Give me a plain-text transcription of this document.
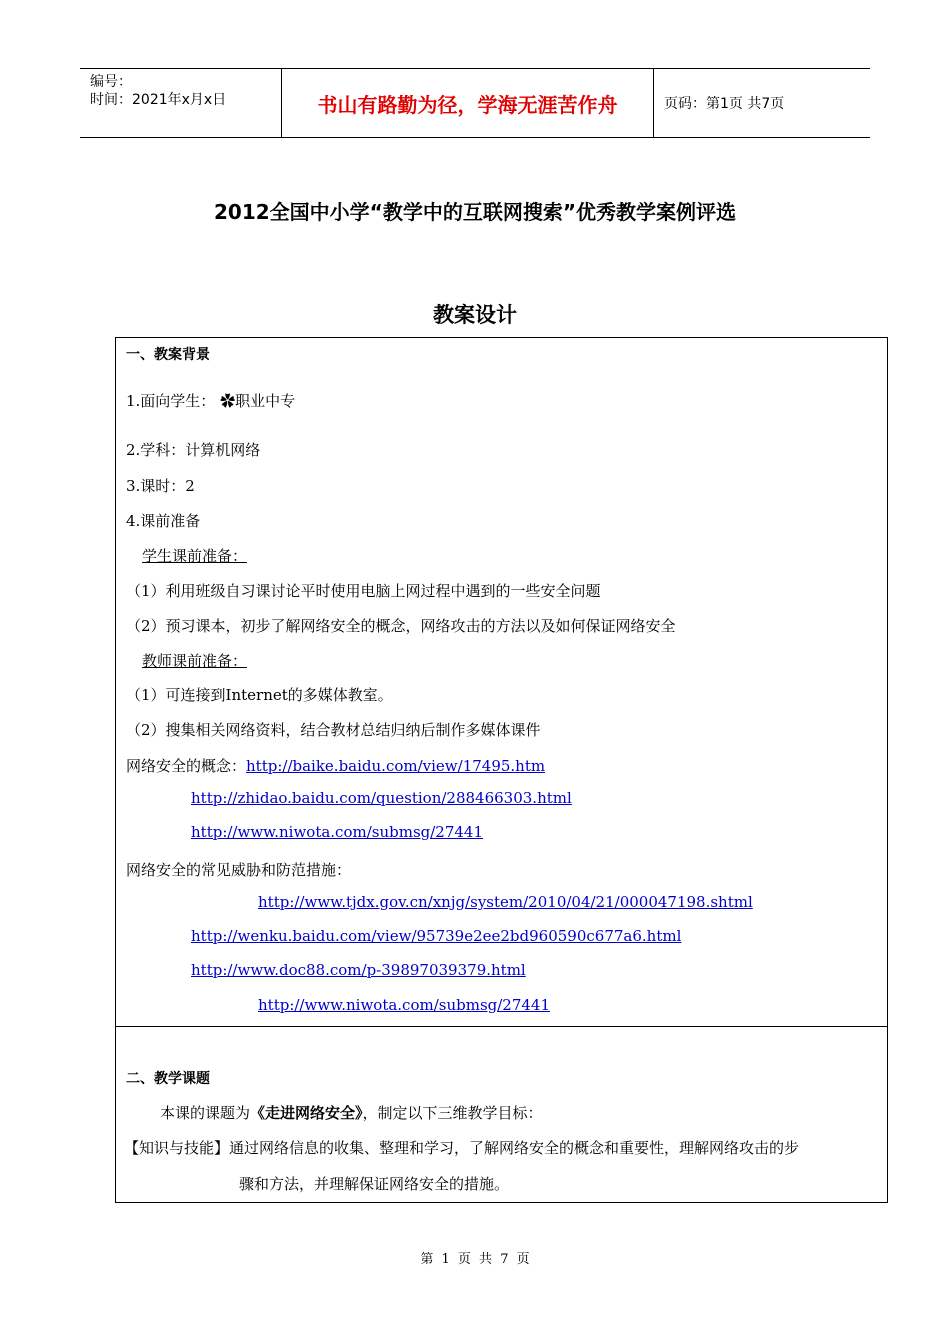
编号：
时间：2021年x月x日	书山有路勤为径，学海无涯苦作舟	页码：第1页 共7页
2012全国中小学“教学中的互联网搜索”优秀教学案例评选
教案设计
一、教案背景
1.面向学生： ✿职业中专
2.学科：计算机网络
3.课时：2
4.课前准备
学生课前准备：
（1）利用班级自习课讨论平时使用电脑上网过程中遇到的一些安全问题
（2）预习课本，初步了解网络安全的概念，网络攻击的方法以及如何保证网络安全
教师课前准备：
（1）可连接到Internet的多媒体教室。
（2）搜集相关网络资料，结合教材总结归纳后制作多媒体课件
网络安全的概念：http://baike.baidu.com/view/17495.htm
http://zhidao.baidu.com/question/288466303.html
http://www.niwota.com/submsg/27441
网络安全的常见威胁和防范措施：
http://www.tjdx.gov.cn/xnjg/system/2010/04/21/000047198.shtml
http://wenku.baidu.com/view/95739e2ee2bd960590c677a6.html
http://www.doc88.com/p-39897039379.html
http://www.niwota.com/submsg/27441
二、教学课题
本课的课题为《走进网络安全》，制定以下三维教学目标：
【知识与技能】通过网络信息的收集、整理和学习，了解网络安全的概念和重要性，理解网络攻击的步
骤和方法，并理解保证网络安全的措施。
第 1 页 共 7 页
